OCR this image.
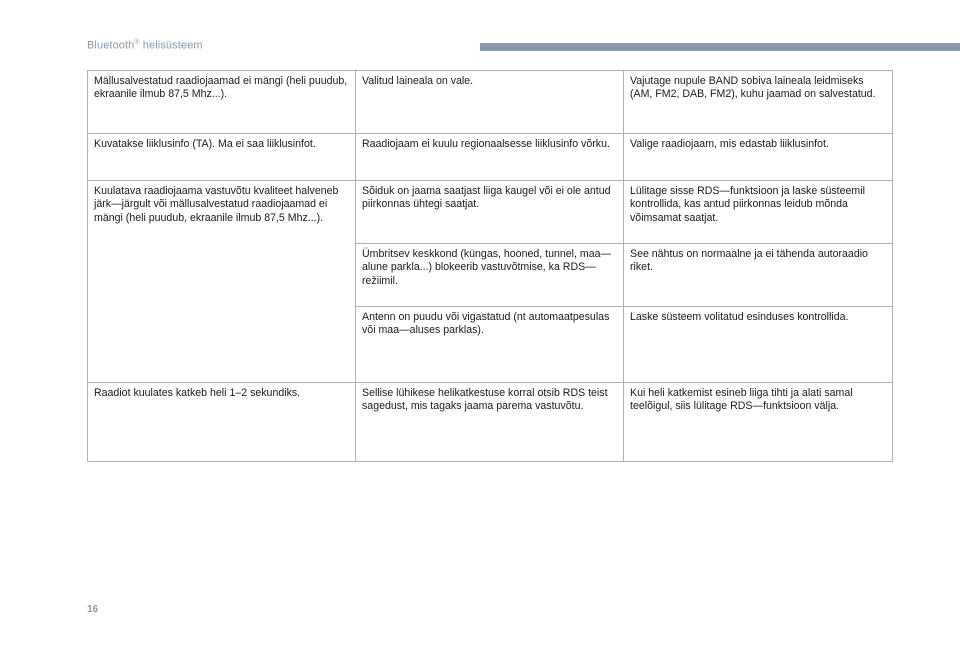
Bluetooth® helisüsteem
Mällusalvestatud raadiojaamad ei mängi (heli puudub, ekraanile ilmub 87,5 Mhz...).	Valitud laineala on vale.	Vajutage nupule BAND sobiva laineala leidmiseks (AM, FM2, DAB, FM2), kuhu jaamad on salvestatud.
Kuvatakse liiklusinfo (TA). Ma ei saa liiklusinfot.	Raadiojaam ei kuulu regionaalsesse liiklusinfo võrku.	Valige raadiojaam, mis edastab liiklusinfot.
Kuulatava raadiojaama vastuvõtu kvaliteet halveneb järk—järgult või mällusalvestatud raadiojaamad ei mängi (heli puudub, ekraanile ilmub 87,5 Mhz...).	Sõiduk on jaama saatjast liiga kaugel või ei ole antud piirkonnas ühtegi saatjat.	Lülitage sisse RDS—funktsioon ja laske süsteemil kontrollida, kas antud piirkonnas leidub mõnda võimsamat saatjat.
	Ümbritsev keskkond (küngas, hooned, tunnel, maa—alune parkla...) blokeerib vastuvõtmise, ka RDS—režiimil.	See nähtus on normaalne ja ei tähenda autoraadio riket.
	Antenn on puudu või vigastatud (nt automaatpesulas või maa—aluses parklas).	Laske süsteem volitatud esinduses kontrollida.
Raadiot kuulates katkeb heli 1–2 sekundiks.	Sellise lühikese helikatkestuse korral otsib RDS teist sagedust, mis tagaks jaama parema vastuvõtu.	Kui heli katkemist esineb liiga tihti ja alati samal teelõigul, siis lülitage RDS—funktsioon välja.
16
